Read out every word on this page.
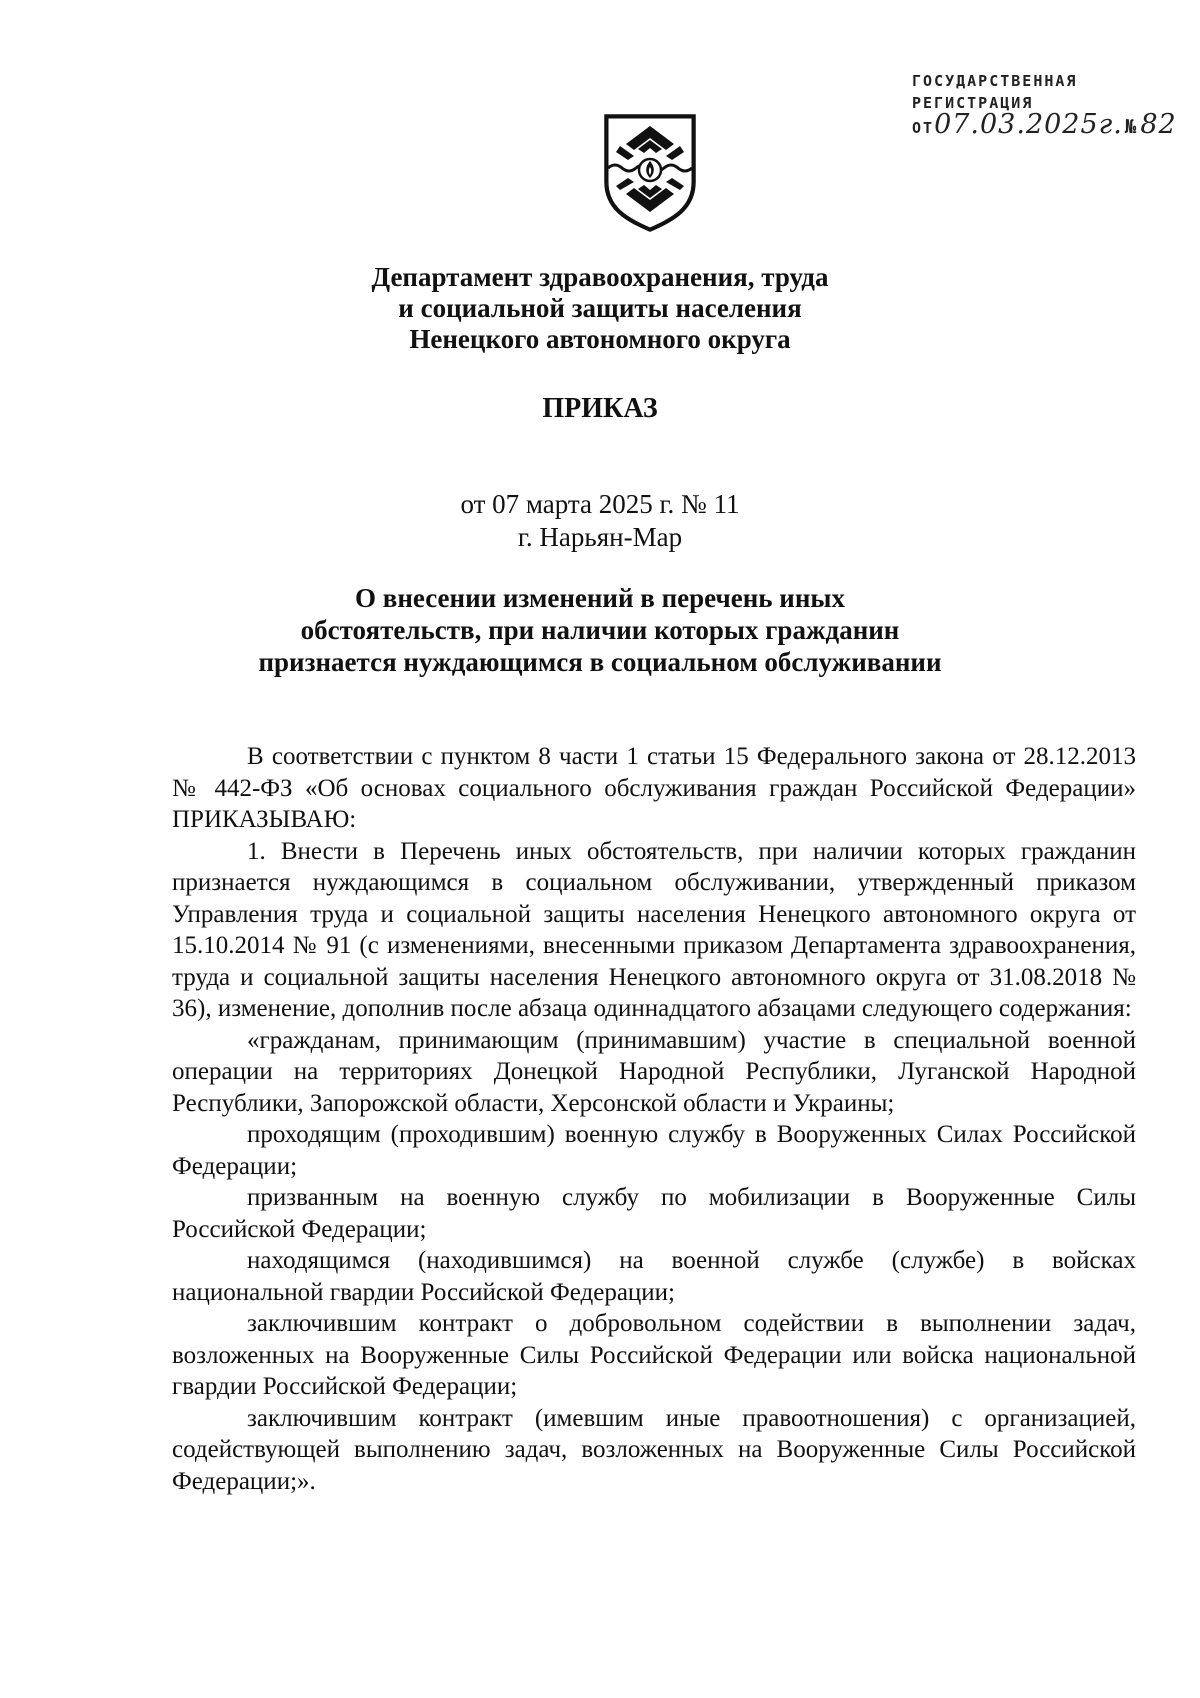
ГОСУДАРСТВЕННАЯ
РЕГИСТРАЦИЯ
ОТ 07.03.2025г. № 82
Департамент здравоохранения, труда
и социальной защиты населения
Ненецкого автономного округа
ПРИКАЗ
от 07 марта 2025 г. № 11
г. Нарьян-Мар
О внесении изменений в перечень иных
обстоятельств, при наличии которых гражданин
признается нуждающимся в социальном обслуживании

В соответствии с пунктом 8 части 1 статьи 15 Федерального закона от 28.12.2013 № 442-ФЗ «Об основах социального обслуживания граждан Российской Федерации» ПРИКАЗЫВАЮ:

1. Внести в Перечень иных обстоятельств, при наличии которых гражданин признается нуждающимся в социальном обслуживании, утвержденный приказом Управления труда и социальной защиты населения Ненецкого автономного округа от 15.10.2014 № 91 (с изменениями, внесенными приказом Департамента здравоохранения, труда и социальной защиты населения Ненецкого автономного округа от 31.08.2018 № 36), изменение, дополнив после абзаца одиннадцатого абзацами следующего содержания:

«гражданам, принимающим (принимавшим) участие в специальной военной операции на территориях Донецкой Народной Республики, Луганской Народной Республики, Запорожской области, Херсонской области и Украины;

проходящим (проходившим) военную службу в Вооруженных Силах Российской Федерации;

призванным на военную службу по мобилизации в Вооруженные Силы Российской Федерации;

находящимся (находившимся) на военной службе (службе) в войсках национальной гвардии Российской Федерации;

заключившим контракт о добровольном содействии в выполнении задач, возложенных на Вооруженные Силы Российской Федерации или войска национальной гвардии Российской Федерации;

заключившим контракт (имевшим иные правоотношения) с организацией, содействующей выполнению задач, возложенных на Вооруженные Силы Российской Федерации;».
